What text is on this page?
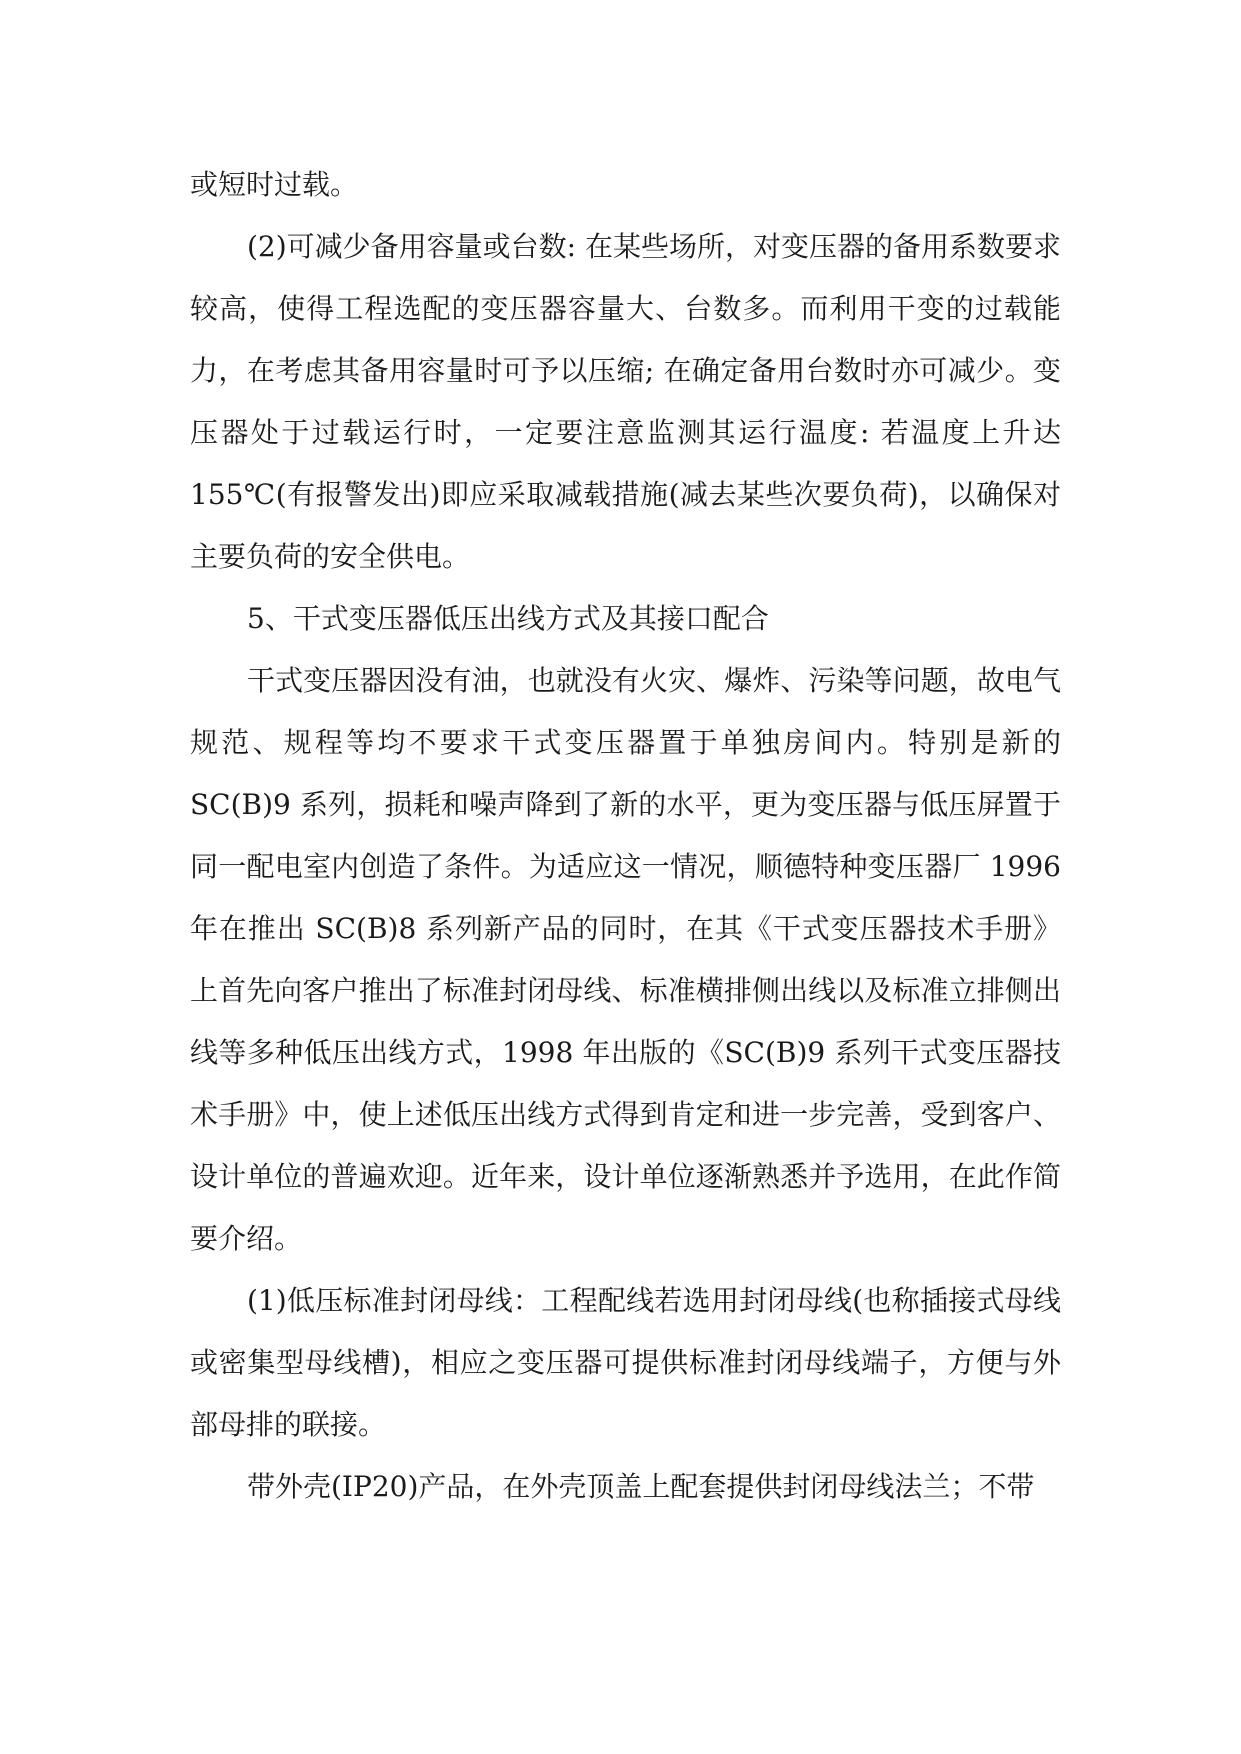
或短时过载。

(2)可减少备用容量或台数: 在某些场所，对变压器的备用系数要求较高，使得工程选配的变压器容量大、台数多。而利用干变的过载能力，在考虑其备用容量时可予以压缩; 在确定备用台数时亦可减少。变压器处于过载运行时，一定要注意监测其运行温度: 若温度上升达155℃(有报警发出)即应采取减载措施(减去某些次要负荷)，以确保对主要负荷的安全供电。

5、干式变压器低压出线方式及其接口配合

干式变压器因没有油，也就没有火灾、爆炸、污染等问题，故电气规范、规程等均不要求干式变压器置于单独房间内。特别是新的 SC(B)9 系列，损耗和噪声降到了新的水平，更为变压器与低压屏置于同一配电室内创造了条件。为适应这一情况，顺德特种变压器厂 1996 年在推出 SC(B)8 系列新产品的同时，在其《干式变压器技术手册》上首先向客户推出了标准封闭母线、标准横排侧出线以及标准立排侧出线等多种低压出线方式，1998 年出版的《SC(B)9 系列干式变压器技术手册》中，使上述低压出线方式得到肯定和进一步完善，受到客户、设计单位的普遍欢迎。近年来，设计单位逐渐熟悉并予选用，在此作简要介绍。

(1)低压标准封闭母线：工程配线若选用封闭母线(也称插接式母线或密集型母线槽)，相应之变压器可提供标准封闭母线端子，方便与外部母排的联接。

带外壳(IP20)产品，在外壳顶盖上配套提供封闭母线法兰；不带
